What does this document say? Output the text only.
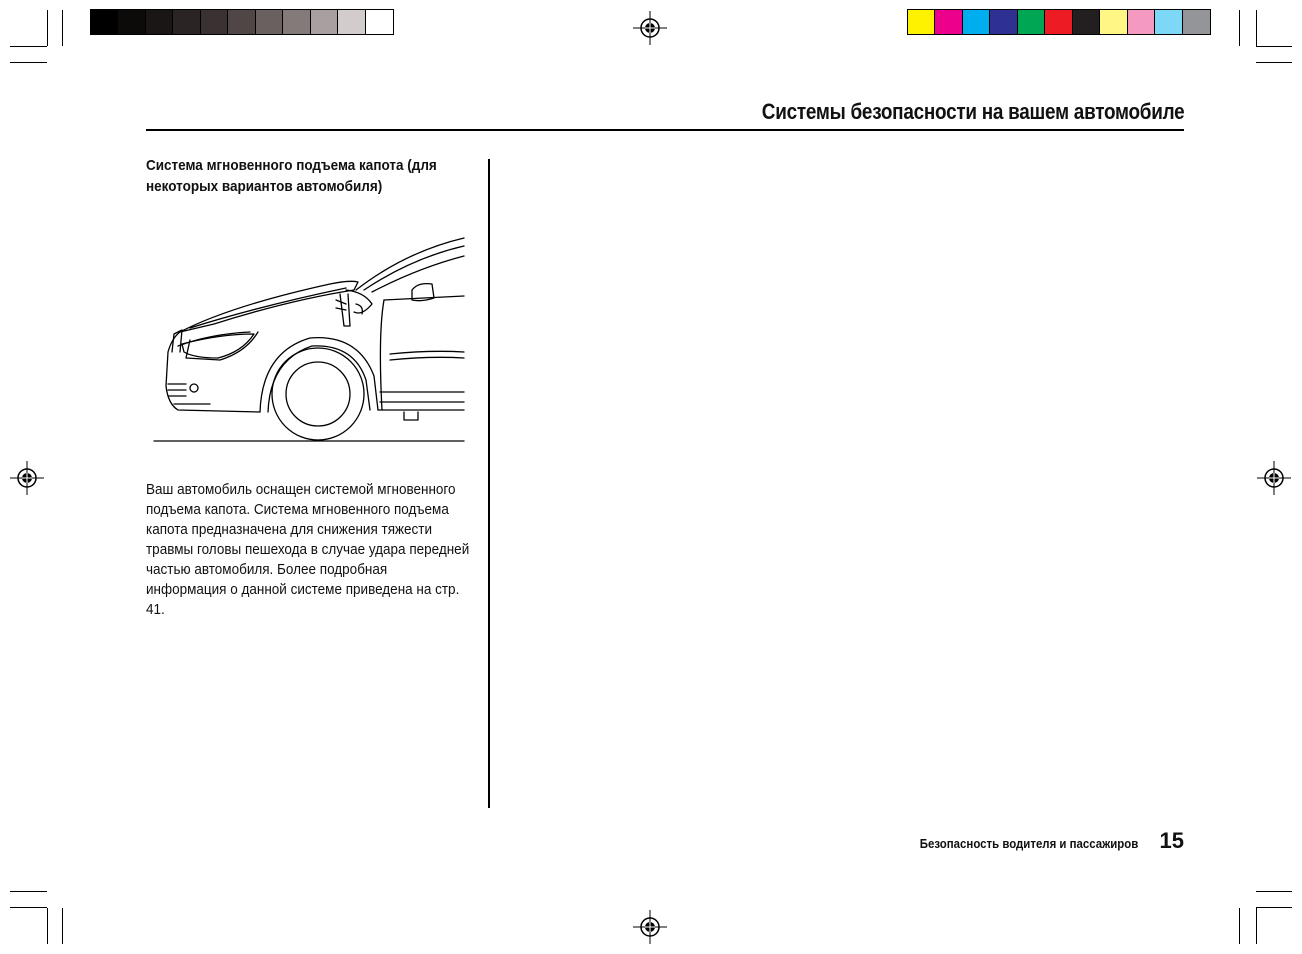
Системы безопасности на вашем автомобиле
Система мгновенного подъема капота (для некоторых вариантов автомобиля)
Ваш автомобиль оснащен системой мгновенного подъема капота. Система мгновенного подъема капота предназначена для снижения тяжести травмы головы пешехода в случае удара передней частью автомобиля. Более подробная информация о данной системе приведена на стр. 41.
Безопасность водителя и пассажиров 15
